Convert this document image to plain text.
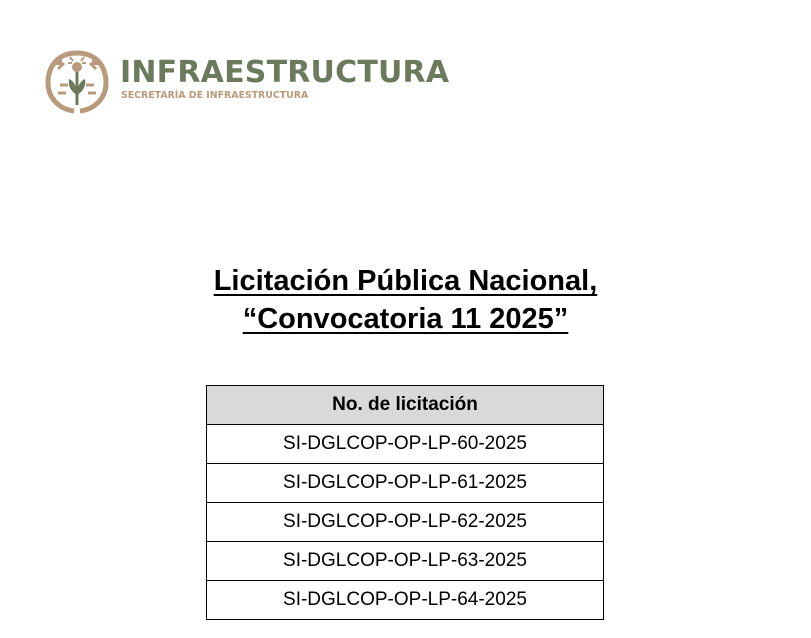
INFRAESTRUCTURA
SECRETARÍA DE INFRAESTRUCTURA
Licitación Pública Nacional,
“Convocatoria 11 2025”
No. de licitación
SI-DGLCOP-OP-LP-60-2025
SI-DGLCOP-OP-LP-61-2025
SI-DGLCOP-OP-LP-62-2025
SI-DGLCOP-OP-LP-63-2025
SI-DGLCOP-OP-LP-64-2025
